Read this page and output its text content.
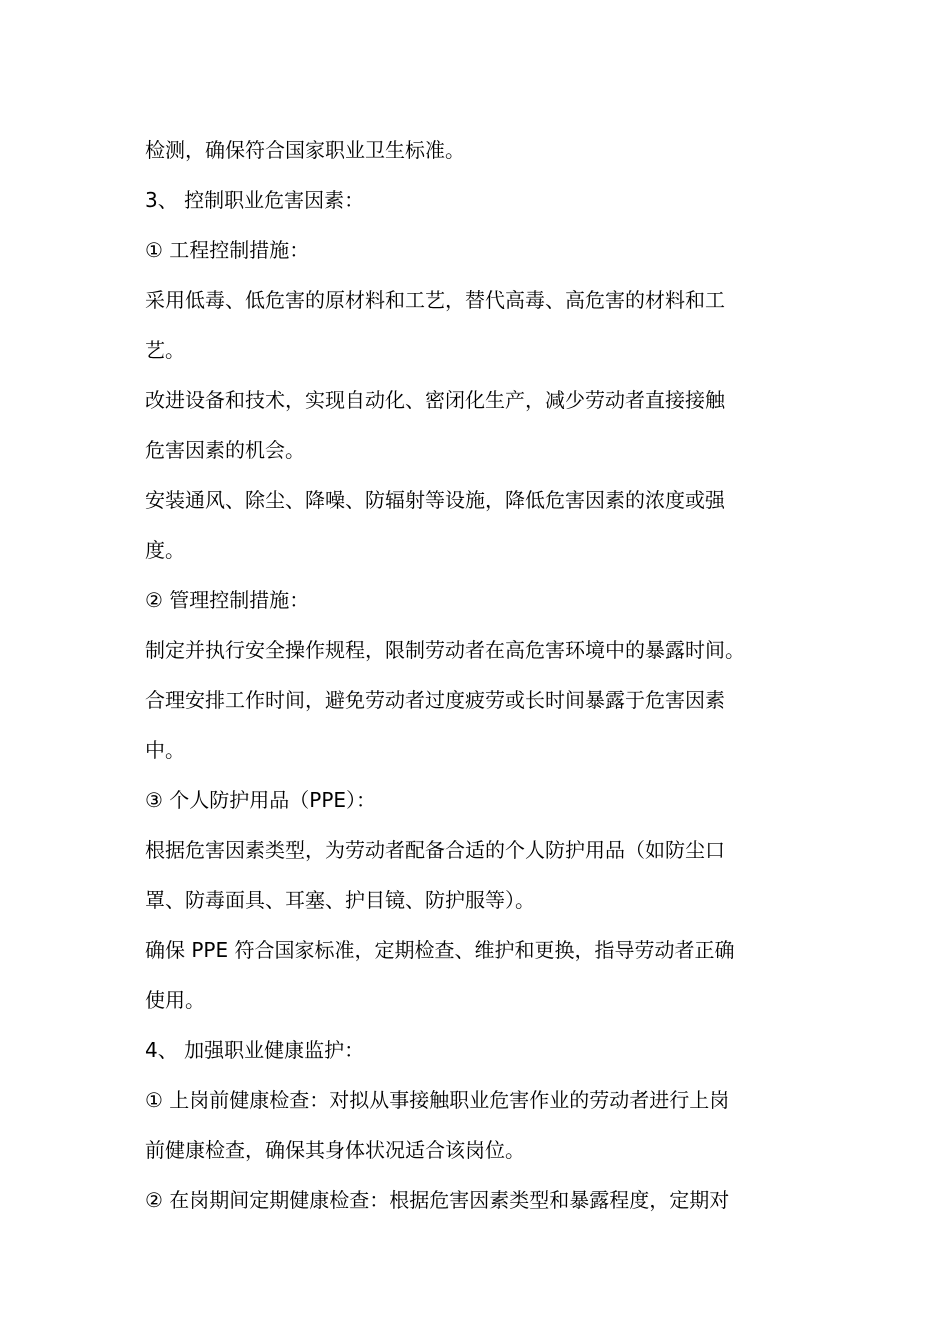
检测，确保符合国家职业卫生标准。
3、 控制职业危害因素：
① 工程控制措施：
采用低毒、低危害的原材料和工艺，替代高毒、高危害的材料和工
艺。
改进设备和技术，实现自动化、密闭化生产，减少劳动者直接接触
危害因素的机会。
安装通风、除尘、降噪、防辐射等设施，降低危害因素的浓度或强
度。
② 管理控制措施：
制定并执行安全操作规程，限制劳动者在高危害环境中的暴露时间。
合理安排工作时间，避免劳动者过度疲劳或长时间暴露于危害因素
中。
③ 个人防护用品（PPE）：
根据危害因素类型，为劳动者配备合适的个人防护用品（如防尘口
罩、防毒面具、耳塞、护目镜、防护服等）。
确保 PPE 符合国家标准，定期检查、维护和更换，指导劳动者正确
使用。
4、 加强职业健康监护：
① 上岗前健康检查：对拟从事接触职业危害作业的劳动者进行上岗
前健康检查，确保其身体状况适合该岗位。
② 在岗期间定期健康检查：根据危害因素类型和暴露程度，定期对
